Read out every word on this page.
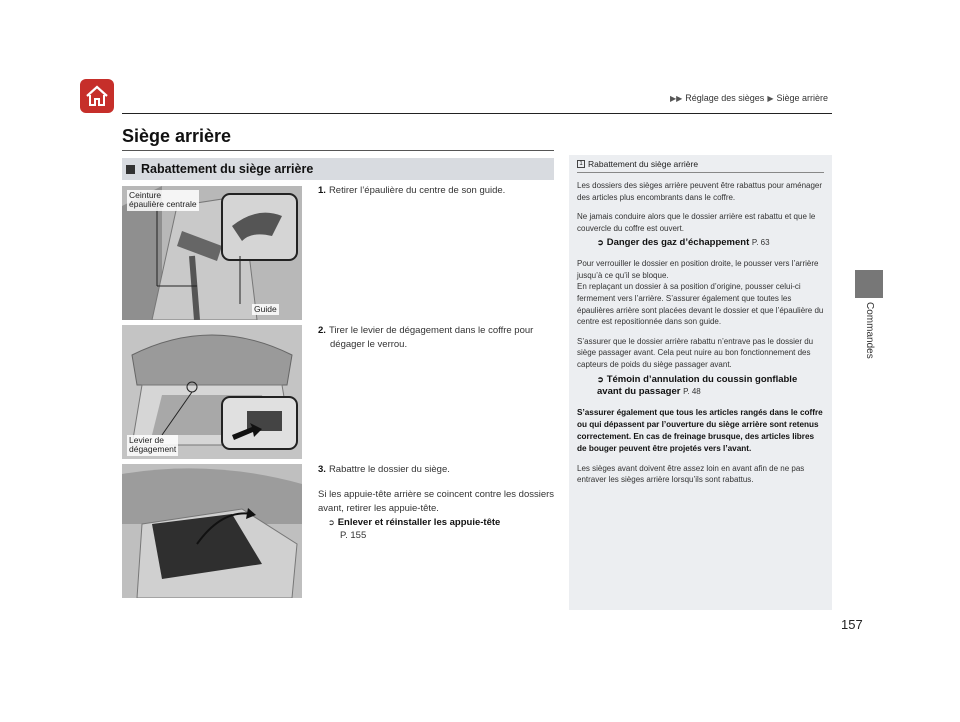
▶▶ Réglage des sièges ▶ Siège arrière
Commandes
Siège arrière
Rabattement du siège arrière
Ceinture
épaulière centrale
Guide
Levier de
dégagement
1. Retirer l’épaulière du centre de son guide.
2. Tirer le levier de dégagement dans le coffre pour dégager le verrou.
3. Rabattre le dossier du siège.
Si les appuie-tête arrière se coincent contre les dossiers avant, retirer les appuie-tête.
➲ Enlever et réinstaller les appuie-tête
P. 155
1 Rabattement du siège arrière

Les dossiers des sièges arrière peuvent être rabattus pour aménager des articles plus encombrants dans le coffre.

Ne jamais conduire alors que le dossier arrière est rabattu et que le couvercle du coffre est ouvert.

➲ Danger des gaz d’échappement P. 63

Pour verrouiller le dossier en position droite, le pousser vers l’arrière jusqu’à ce qu’il se bloque.
En replaçant un dossier à sa position d’origine, pousser celui-ci fermement vers l’arrière. S’assurer également que toutes les épaulières arrière sont placées devant le dossier et que l’épaulière du centre est repositionnée dans son guide.

S’assurer que le dossier arrière rabattu n’entrave pas le dossier du siège passager avant. Cela peut nuire au bon fonctionnement des capteurs de poids du siège passager avant.

➲ Témoin d’annulation du coussin gonflable avant du passager P. 48

S’assurer également que tous les articles rangés dans le coffre ou qui dépassent par l’ouverture du siège arrière sont retenus correctement. En cas de freinage brusque, des articles libres de bouger peuvent être projetés vers l’avant.

Les sièges avant doivent être assez loin en avant afin de ne pas entraver les sièges arrière lorsqu’ils sont rabattus.

157
